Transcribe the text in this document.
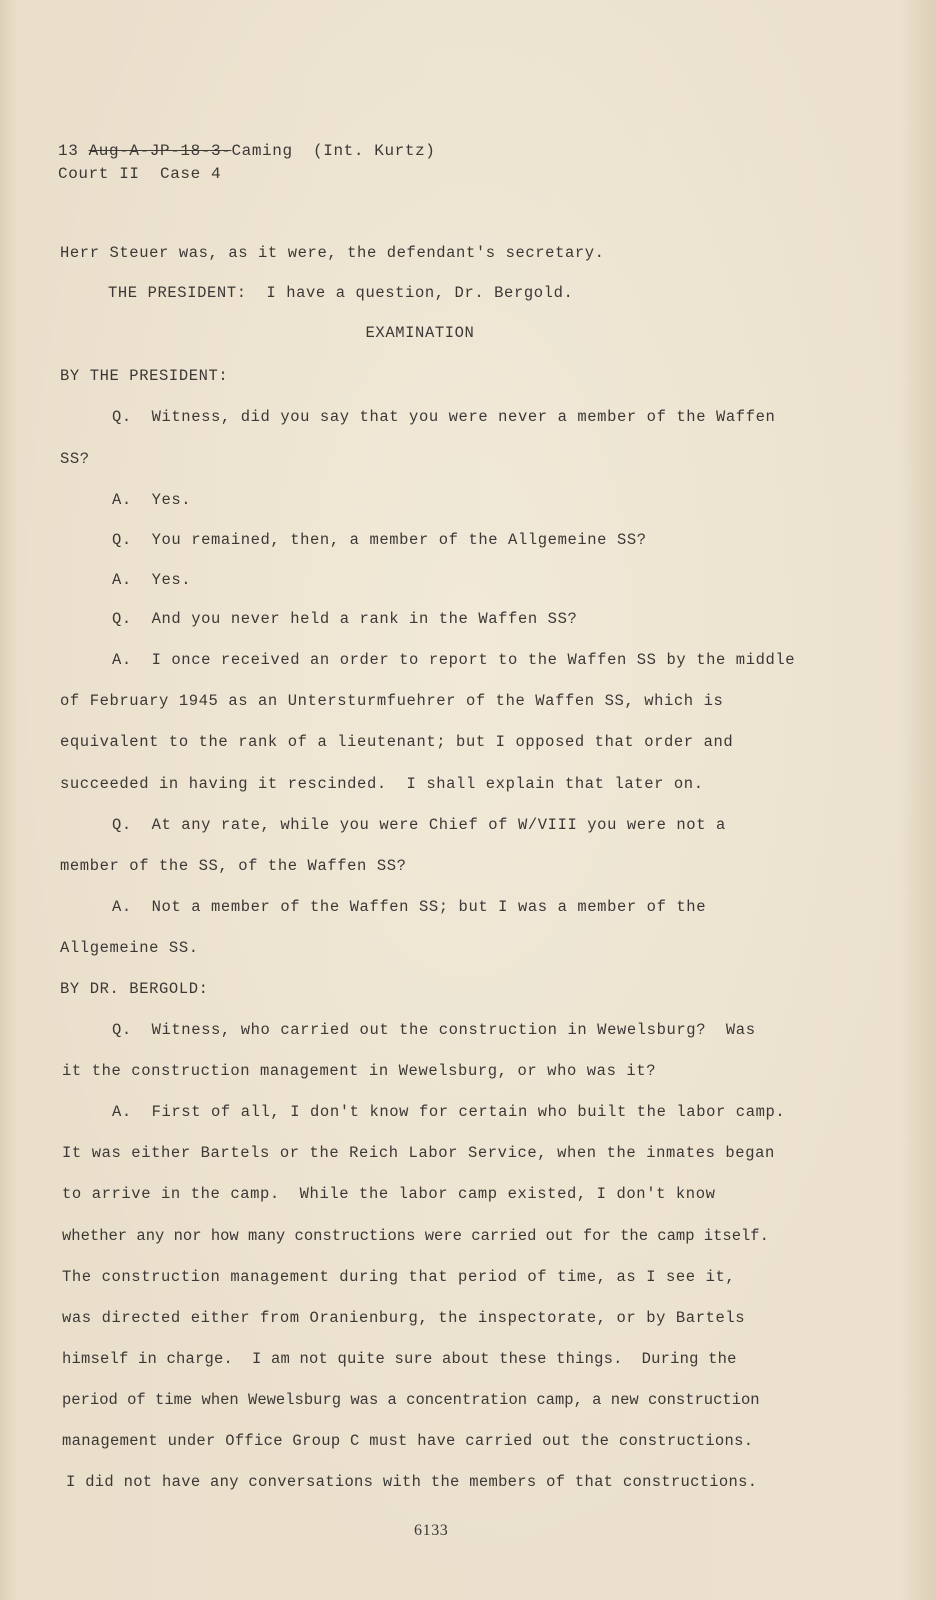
13 Aug-A-JP-18-3-Caming  (Int. Kurtz)
Court II  Case 4
Herr Steuer was, as it were, the defendant's secretary.
THE PRESIDENT:  I have a question, Dr. Bergold.
EXAMINATION
BY THE PRESIDENT:
Q.  Witness, did you say that you were never a member of the Waffen
SS?
A.  Yes.
Q.  You remained, then, a member of the Allgemeine SS?
A.  Yes.
Q.  And you never held a rank in the Waffen SS?
A.  I once received an order to report to the Waffen SS by the middle
of February 1945 as an Untersturmfuehrer of the Waffen SS, which is
equivalent to the rank of a lieutenant; but I opposed that order and
succeeded in having it rescinded.  I shall explain that later on.
Q.  At any rate, while you were Chief of W/VIII you were not a
member of the SS, of the Waffen SS?
A.  Not a member of the Waffen SS; but I was a member of the
Allgemeine SS.
BY DR. BERGOLD:
Q.  Witness, who carried out the construction in Wewelsburg?  Was
it the construction management in Wewelsburg, or who was it?
A.  First of all, I don't know for certain who built the labor camp.
It was either Bartels or the Reich Labor Service, when the inmates began
to arrive in the camp.  While the labor camp existed, I don't know
whether any nor how many constructions were carried out for the camp itself.
The construction management during that period of time, as I see it,
was directed either from Oranienburg, the inspectorate, or by Bartels
himself in charge.  I am not quite sure about these things.  During the
period of time when Wewelsburg was a concentration camp, a new construction
management under Office Group C must have carried out the constructions.
I did not have any conversations with the members of that constructions.
6133
